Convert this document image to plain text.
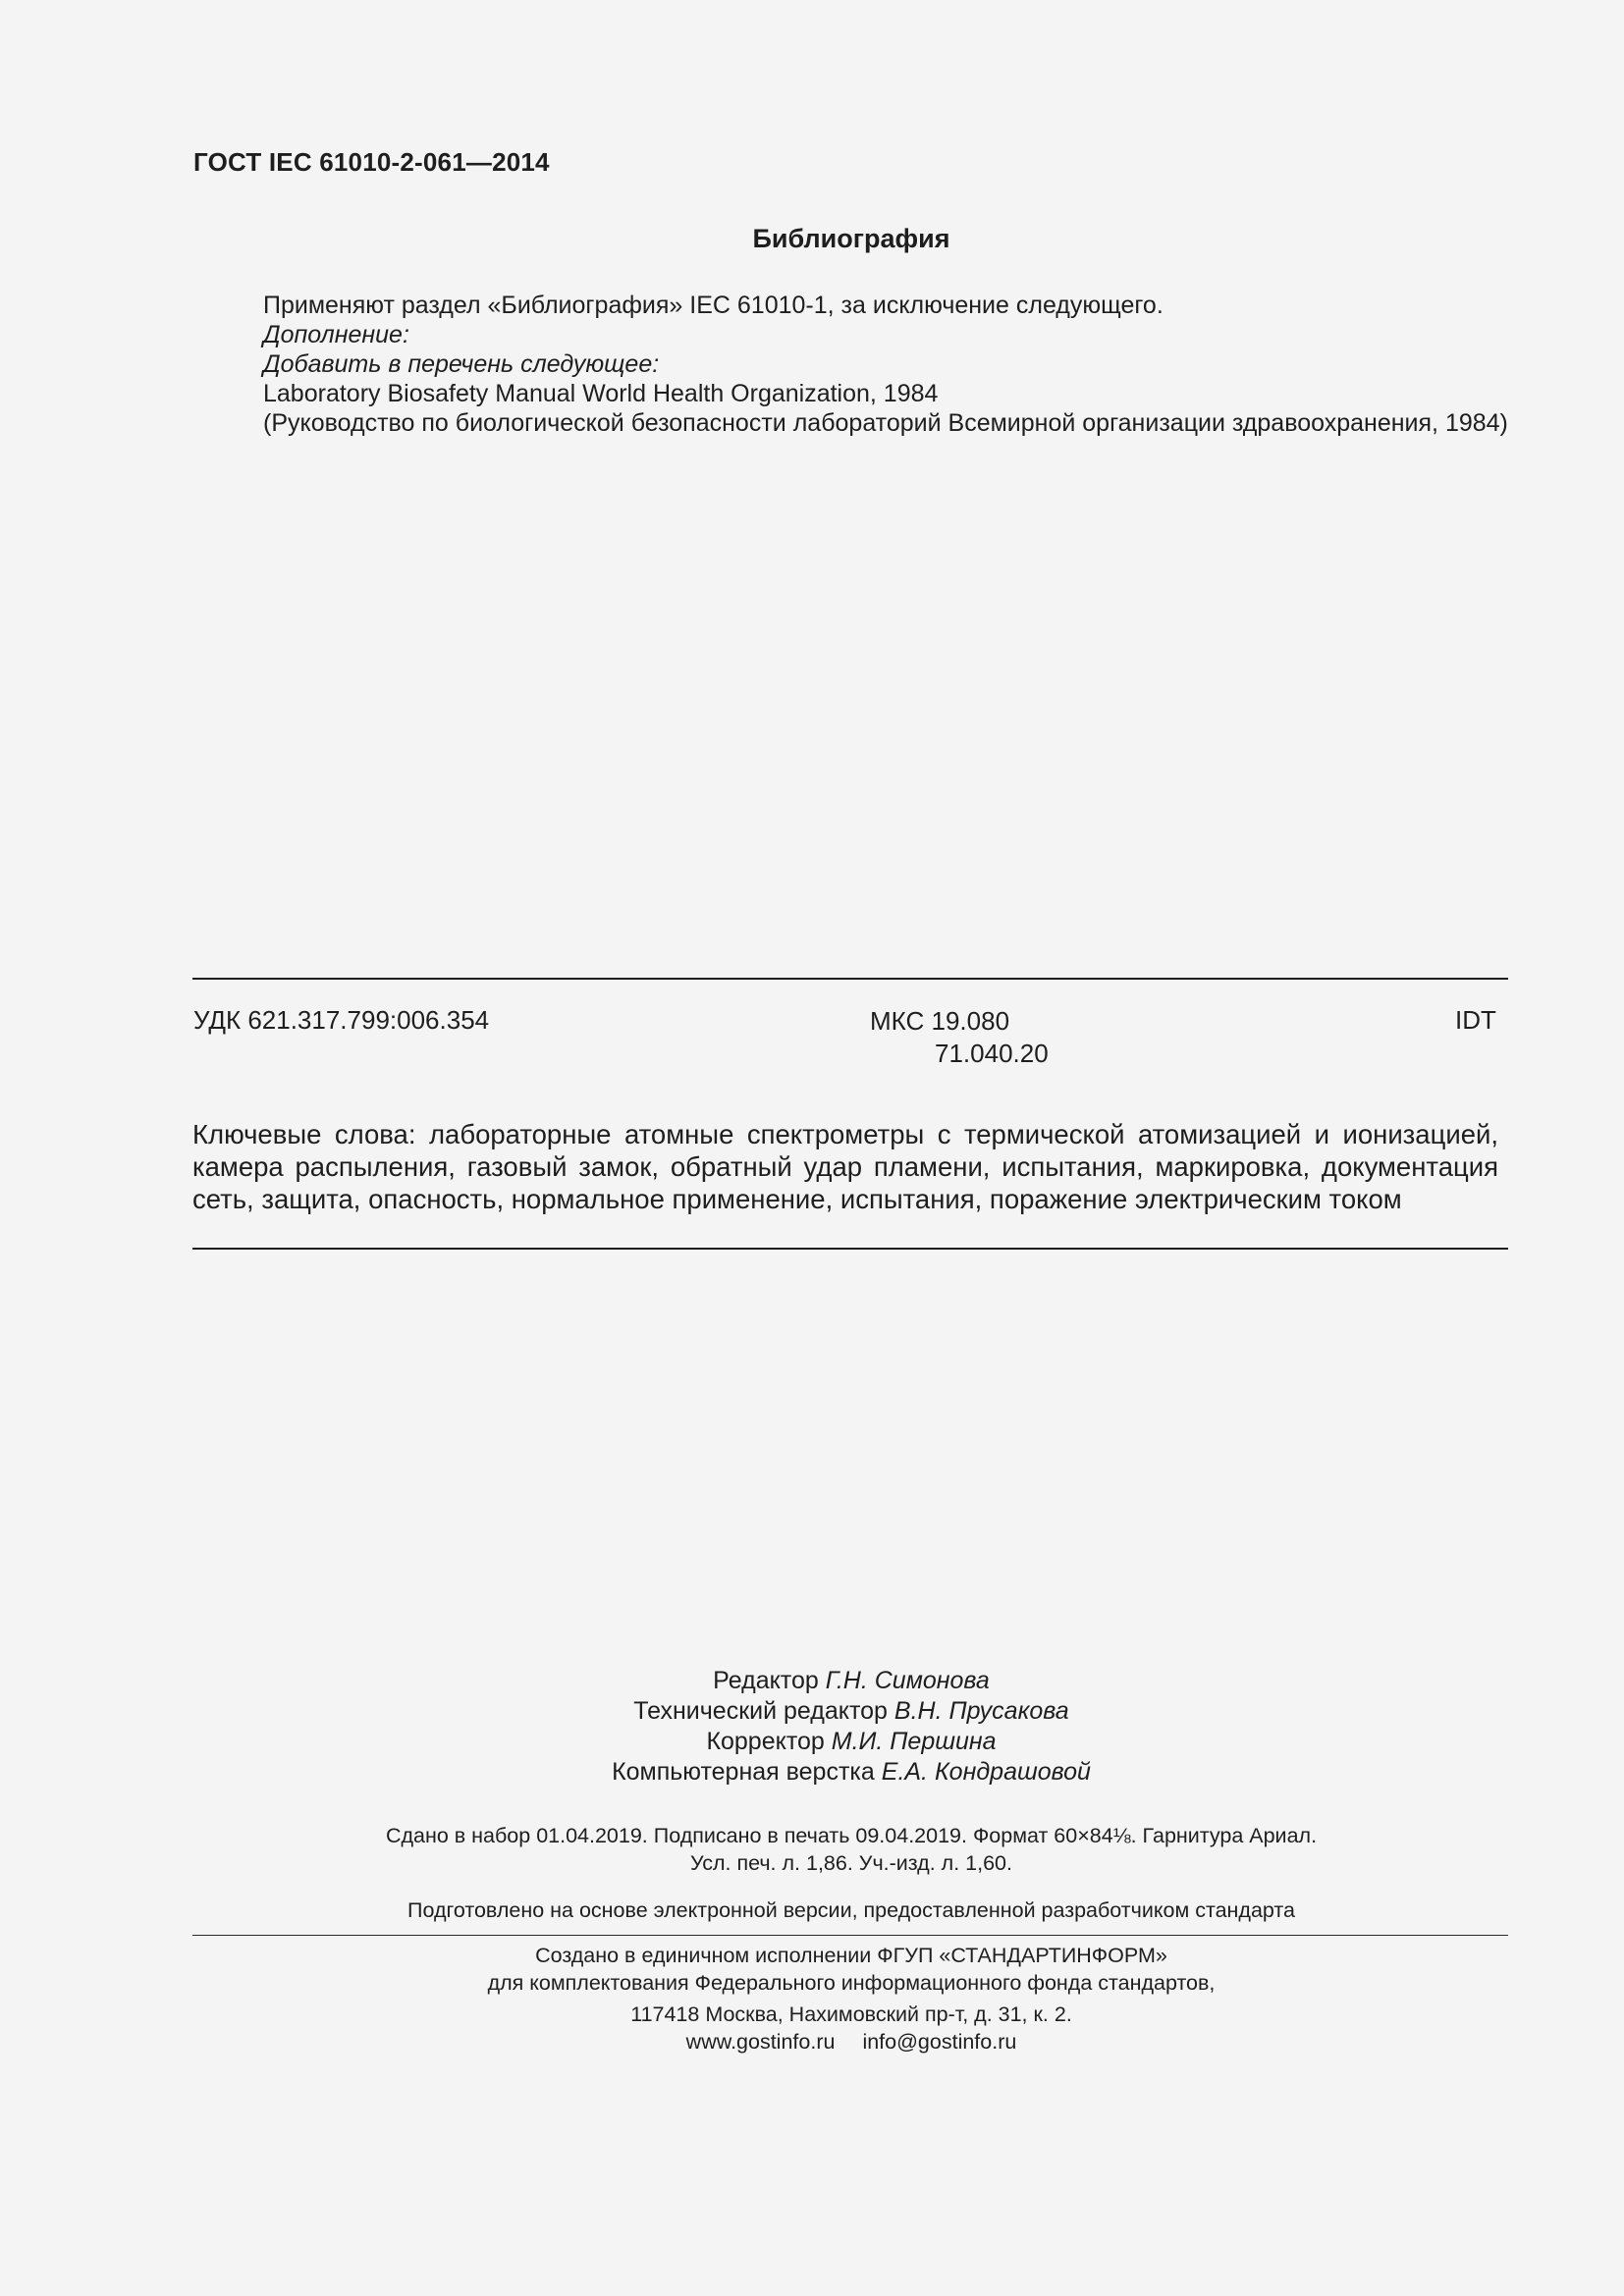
ГОСТ IEC 61010-2-061—2014
Библиография
Применяют раздел «Библиография» IEC 61010-1, за исключение следующего.
Дополнение:
Добавить в перечень следующее:
Laboratory Biosafety Manual World Health Organization, 1984
(Руководство по биологической безопасности лабораторий Всемирной организации здравоохранения, 1984)
УДК 621.317.799:006.354	МКС 19.080
71.040.20
IDT
Ключевые слова: лабораторные атомные спектрометры с термической атомизацией и ионизацией, камера распыления, газовый замок, обратный удар пламени, испытания, маркировка, документация сеть, защита, опасность, нормальное применение, испытания, поражение электрическим током
Редактор Г.Н. Симонова
Технический редактор В.Н. Прусакова
Корректор М.И. Першина
Компьютерная верстка Е.А. Кондрашовой
Сдано в набор 01.04.2019. Подписано в печать 09.04.2019. Формат 60×84⅛. Гарнитура Ариал.
Усл. печ. л. 1,86. Уч.-изд. л. 1,60.
Подготовлено на основе электронной версии, предоставленной разработчиком стандарта
Создано в единичном исполнении ФГУП «СТАНДАРТИНФОРМ»
для комплектования Федерального информационного фонда стандартов,
117418 Москва, Нахимовский пр-т, д. 31, к. 2.
www.gostinfo.ru info@gostinfo.ru
